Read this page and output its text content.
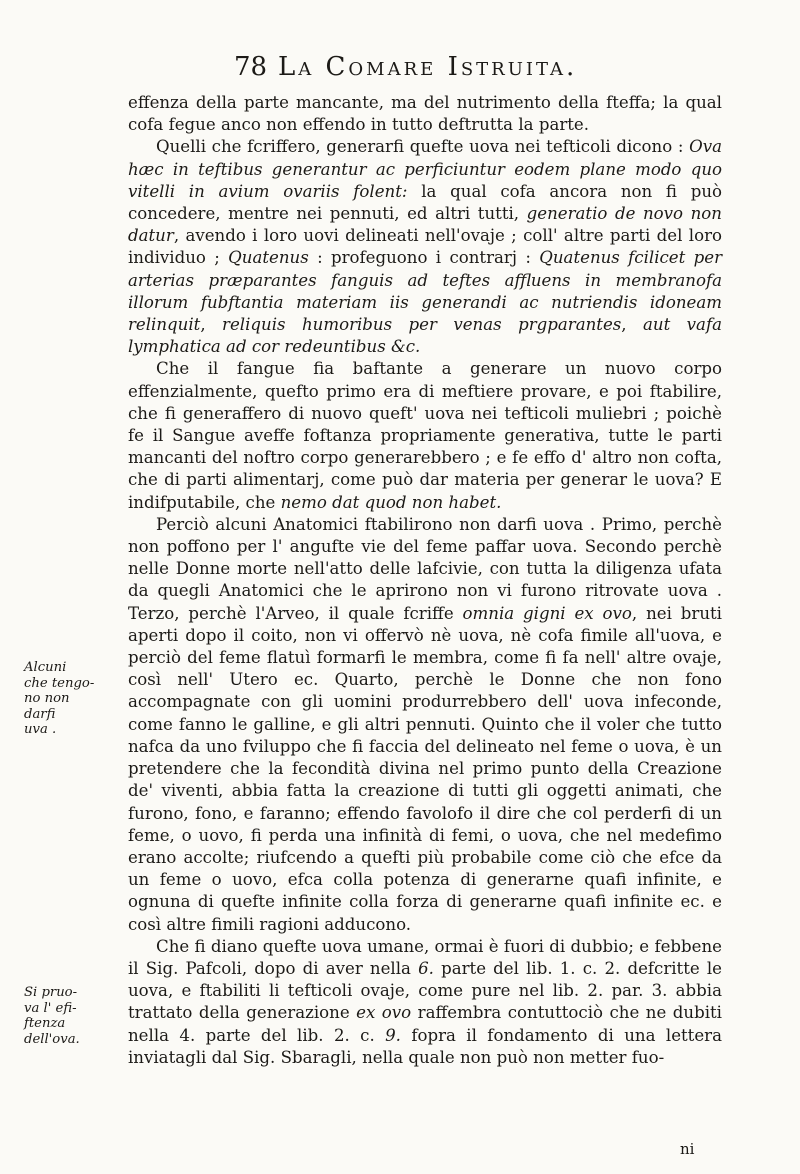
78 La Comare Istruita.

effenza della parte mancante, ma del nutrimento della fteffa; la qual cofa fegue anco non effendo in tutto deftrutta la parte.

Quelli che fcriffero, generarfi quefte uova nei tefticoli dicono : Ova hæc in teftibus generantur ac perficiuntur eodem plane modo quo vitelli in avium ovariis folent: la qual cofa ancora non fi può concedere, mentre nei pennuti, ed altri tutti, generatio de novo non datur, avendo i loro uovi delineati nell'ovaje ; coll' altre parti del loro individuo ; Quatenus : profeguono i contrarj : Quatenus fcilicet per arterias præparantes fanguis ad teftes affluens in membranofa illorum fubftantia materiam iis generandi ac nutriendis idoneam relinquit, reliquis humoribus per venas prgparantes, aut vafa lymphatica ad cor redeuntibus &c.

Che il fangue fia baftante a generare un nuovo corpo effenzialmente, quefto primo era di meftiere provare, e poi ftabilire, che fi generaffero di nuovo queft' uova nei tefticoli muliebri ; poichè fe il Sangue aveffe foftanza propriamente generativa, tutte le parti mancanti del noftro corpo generarebbero ; e fe effo d' altro non cofta, che di parti alimentarj, come può dar materia per generar le uova? E indifputabile, che nemo dat quod non habet.

Perciò alcuni Anatomici ftabilirono non darfi uova . Primo, perchè non poffono per l' angufte vie del feme paffar uova. Secondo perchè nelle Donne morte nell'atto delle lafcivie, con tutta la diligenza ufata da quegli Anatomici che le aprirono non vi furono ritrovate uova . Terzo, perchè l'Arveo, il quale fcriffe omnia gigni ex ovo, nei bruti aperti dopo il coito, non vi offervò nè uova, nè cofa fimile all'uova, e perciò del feme flatuì formarfi le membra, come fi fa nell' altre ovaje, così nell' Utero ec. Quarto, perchè le Donne che non fono accompagnate con gli uomini produrrebbero dell' uova infeconde, come fanno le galline, e gli altri pennuti. Quinto che il voler che tutto nafca da uno fviluppo che fi faccia del delineato nel feme o uova, è un pretendere che la fecondità divina nel primo punto della Creazione de' viventi, abbia fatta la creazione di tutti gli oggetti animati, che furono, fono, e faranno; effendo favolofo il dire che col perderfi di un feme, o uovo, fi perda una infinità di femi, o uova, che nel medefimo erano accolte; riufcendo a quefti più probabile come ciò che efce da un feme o uovo, efca colla potenza di generarne quafi infinite, e ognuna di quefte infinite colla forza di generarne quafi infinite ec. e così altre fimili ragioni adducono.

Che fi diano quefte uova umane, ormai è fuori di dubbio; e febbene il Sig. Pafcoli, dopo di aver nella 6. parte del lib. 1. c. 2. defcritte le uova, e ftabiliti li tefticoli ovaje, come pure nel lib. 2. par. 3. abbia trattato della generazione ex ovo raffembra contuttociò che ne dubiti nella 4. parte del lib. 2. c. 9. fopra il fondamento di una lettera inviatagli dal Sig. Sbaragli, nella quale non può non metter fuo-

Alcuni
che tengo-
no non
darfi
uva .
Si pruo-
va l' efi-
ftenza
dell'ova.
ni
